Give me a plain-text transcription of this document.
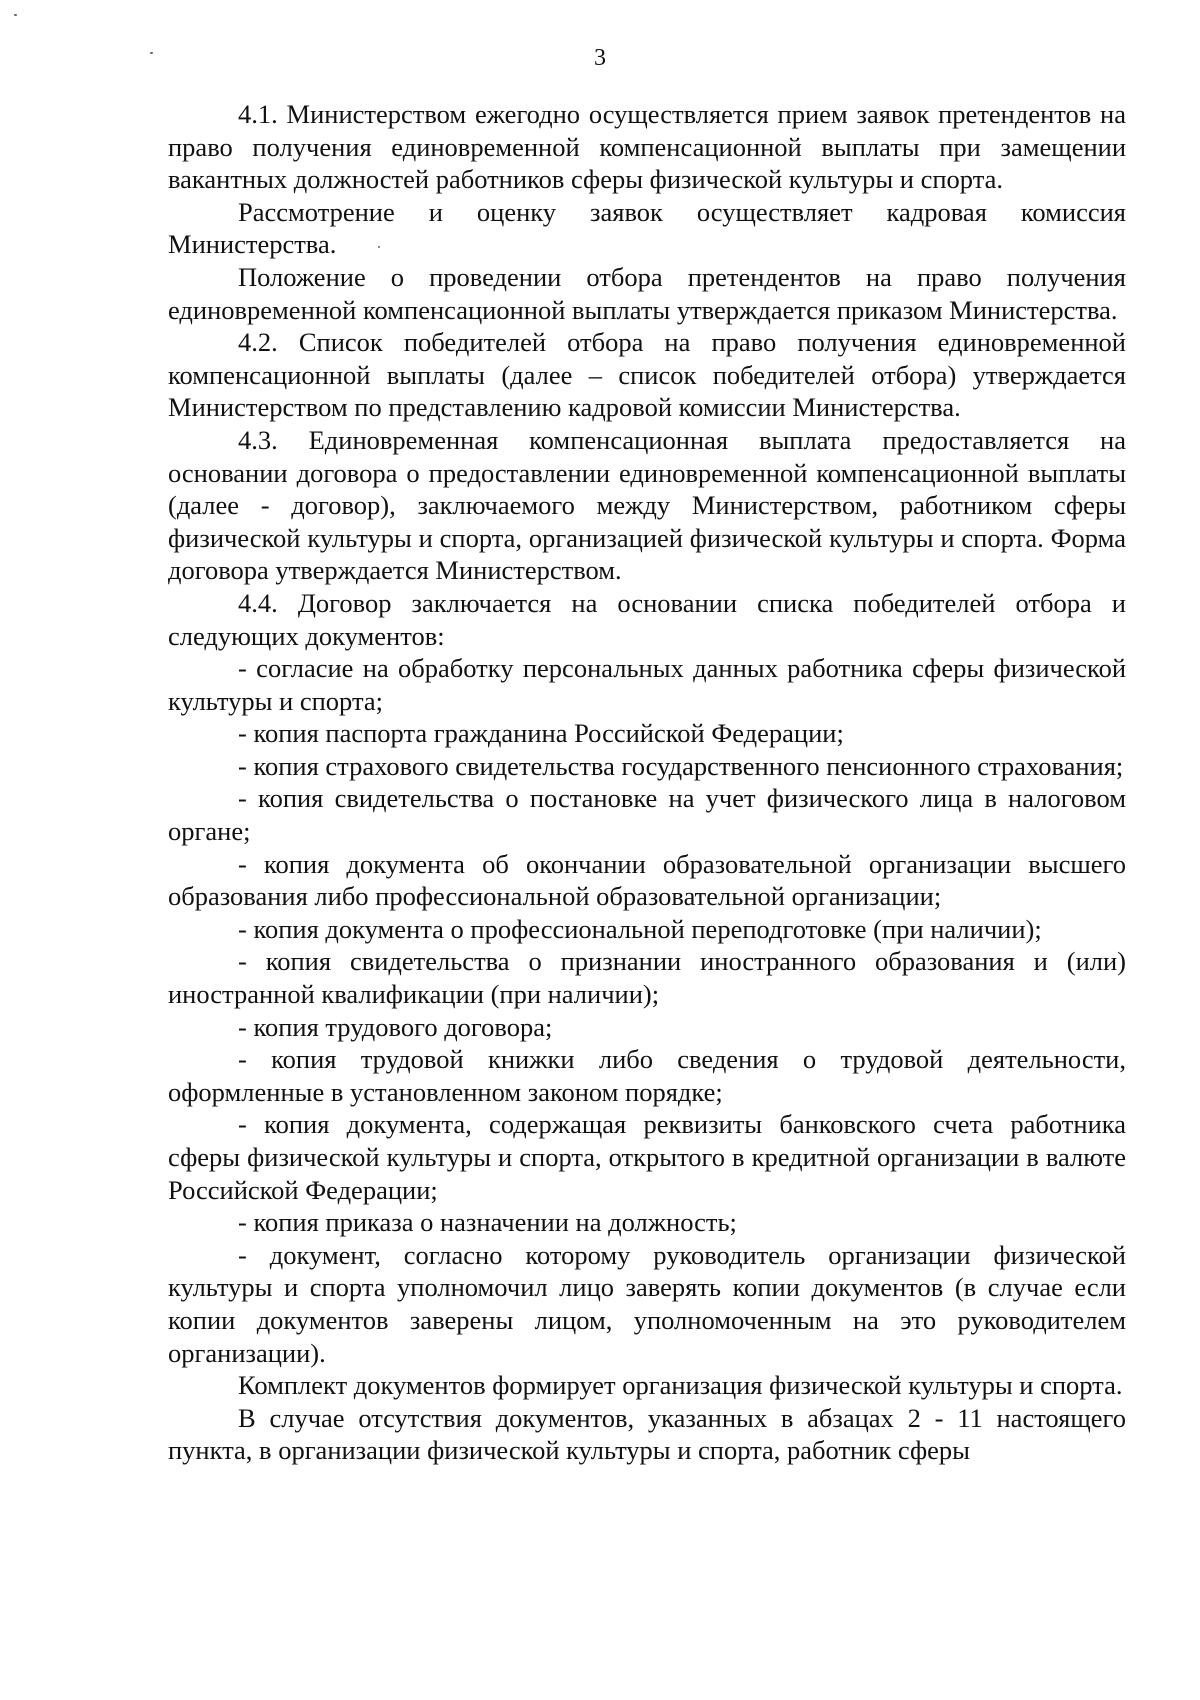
3

4.1. Министерством ежегодно осуществляется прием заявок претендентов на право получения единовременной компенсационной выплаты при замещении вакантных должностей работников сферы физической культуры и спорта.

Рассмотрение и оценку заявок осуществляет кадровая комиссия Министерства.

Положение о проведении отбора претендентов на право получения единовременной компенсационной выплаты утверждается приказом Министерства.

4.2. Список победителей отбора на право получения единовременной компенсационной выплаты (далее – список победителей отбора) утверждается Министерством по представлению кадровой комиссии Министерства.

4.3. Единовременная компенсационная выплата предоставляется на основании договора о предоставлении единовременной компенсационной выплаты (далее - договор), заключаемого между Министерством, работником сферы физической культуры и спорта, организацией физической культуры и спорта. Форма договора утверждается Министерством.

4.4. Договор заключается на основании списка победителей отбора и следующих документов:

- согласие на обработку персональных данных работника сферы физической культуры и спорта;

- копия паспорта гражданина Российской Федерации;

- копия страхового свидетельства государственного пенсионного страхования;

- копия свидетельства о постановке на учет физического лица в налоговом органе;

- копия документа об окончании образовательной организации высшего образования либо профессиональной образовательной организации;

- копия документа о профессиональной переподготовке (при наличии);

- копия свидетельства о признании иностранного образования и (или) иностранной квалификации (при наличии);

- копия трудового договора;

- копия трудовой книжки либо сведения о трудовой деятельности, оформленные в установленном законом порядке;

- копия документа, содержащая реквизиты банковского счета работника сферы физической культуры и спорта, открытого в кредитной организации в валюте Российской Федерации;

- копия приказа о назначении на должность;

- документ, согласно которому руководитель организации физической культуры и спорта уполномочил лицо заверять копии документов (в случае если копии документов заверены лицом, уполномоченным на это руководителем организации).

Комплект документов формирует организация физической культуры и спорта.

В случае отсутствия документов, указанных в абзацах 2 - 11 настоящего пункта, в организации физической культуры и спорта, работник сферы
